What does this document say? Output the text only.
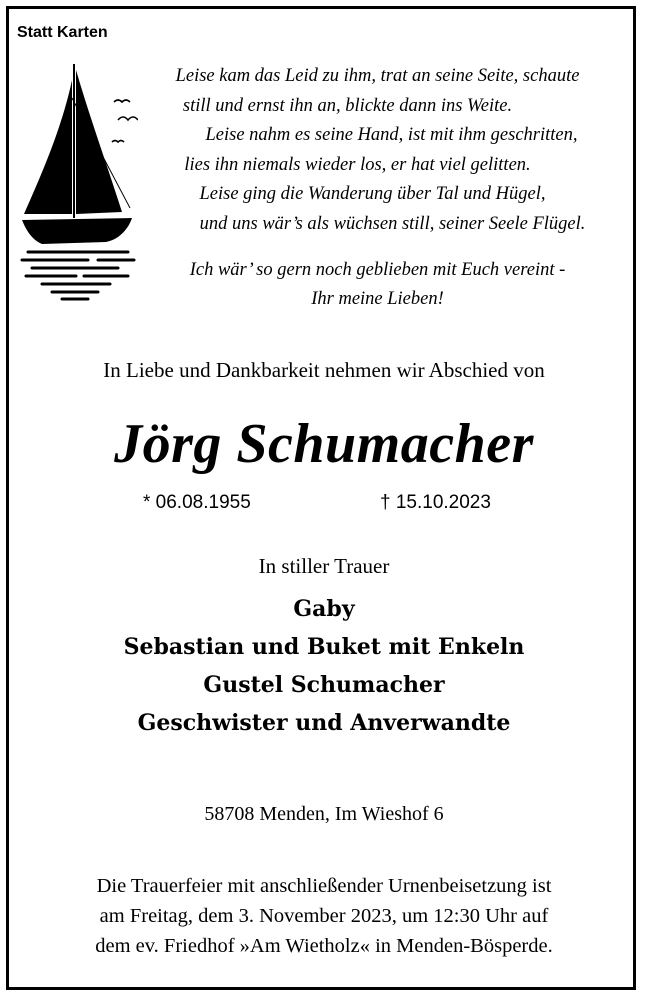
Statt Karten
Leise kam das Leid zu ihm, trat an seine Seite, schaute
still und ernst ihn an, blickte dann ins Weite.
Leise nahm es seine Hand, ist mit ihm geschritten,
lies ihn niemals wieder los, er hat viel gelitten.
Leise ging die Wanderung über Tal und Hügel,
und uns wär’s als wüchsen still, seiner Seele Flügel.
Ich wär’ so gern noch geblieben mit Euch vereint -
Ihr meine Lieben!
In Liebe und Dankbarkeit nehmen wir Abschied von
Jörg Schumacher
* 06.08.1955	† 15.10.2023
In stiller Trauer
Gaby
Sebastian und Buket mit Enkeln
Gustel Schumacher
Geschwister und Anverwandte
58708 Menden, Im Wieshof 6
Die Trauerfeier mit anschließender Urnenbeisetzung ist
am Freitag, dem 3. November 2023, um 12:30 Uhr auf
dem ev. Friedhof »Am Wietholz« in Menden-Bösperde.
